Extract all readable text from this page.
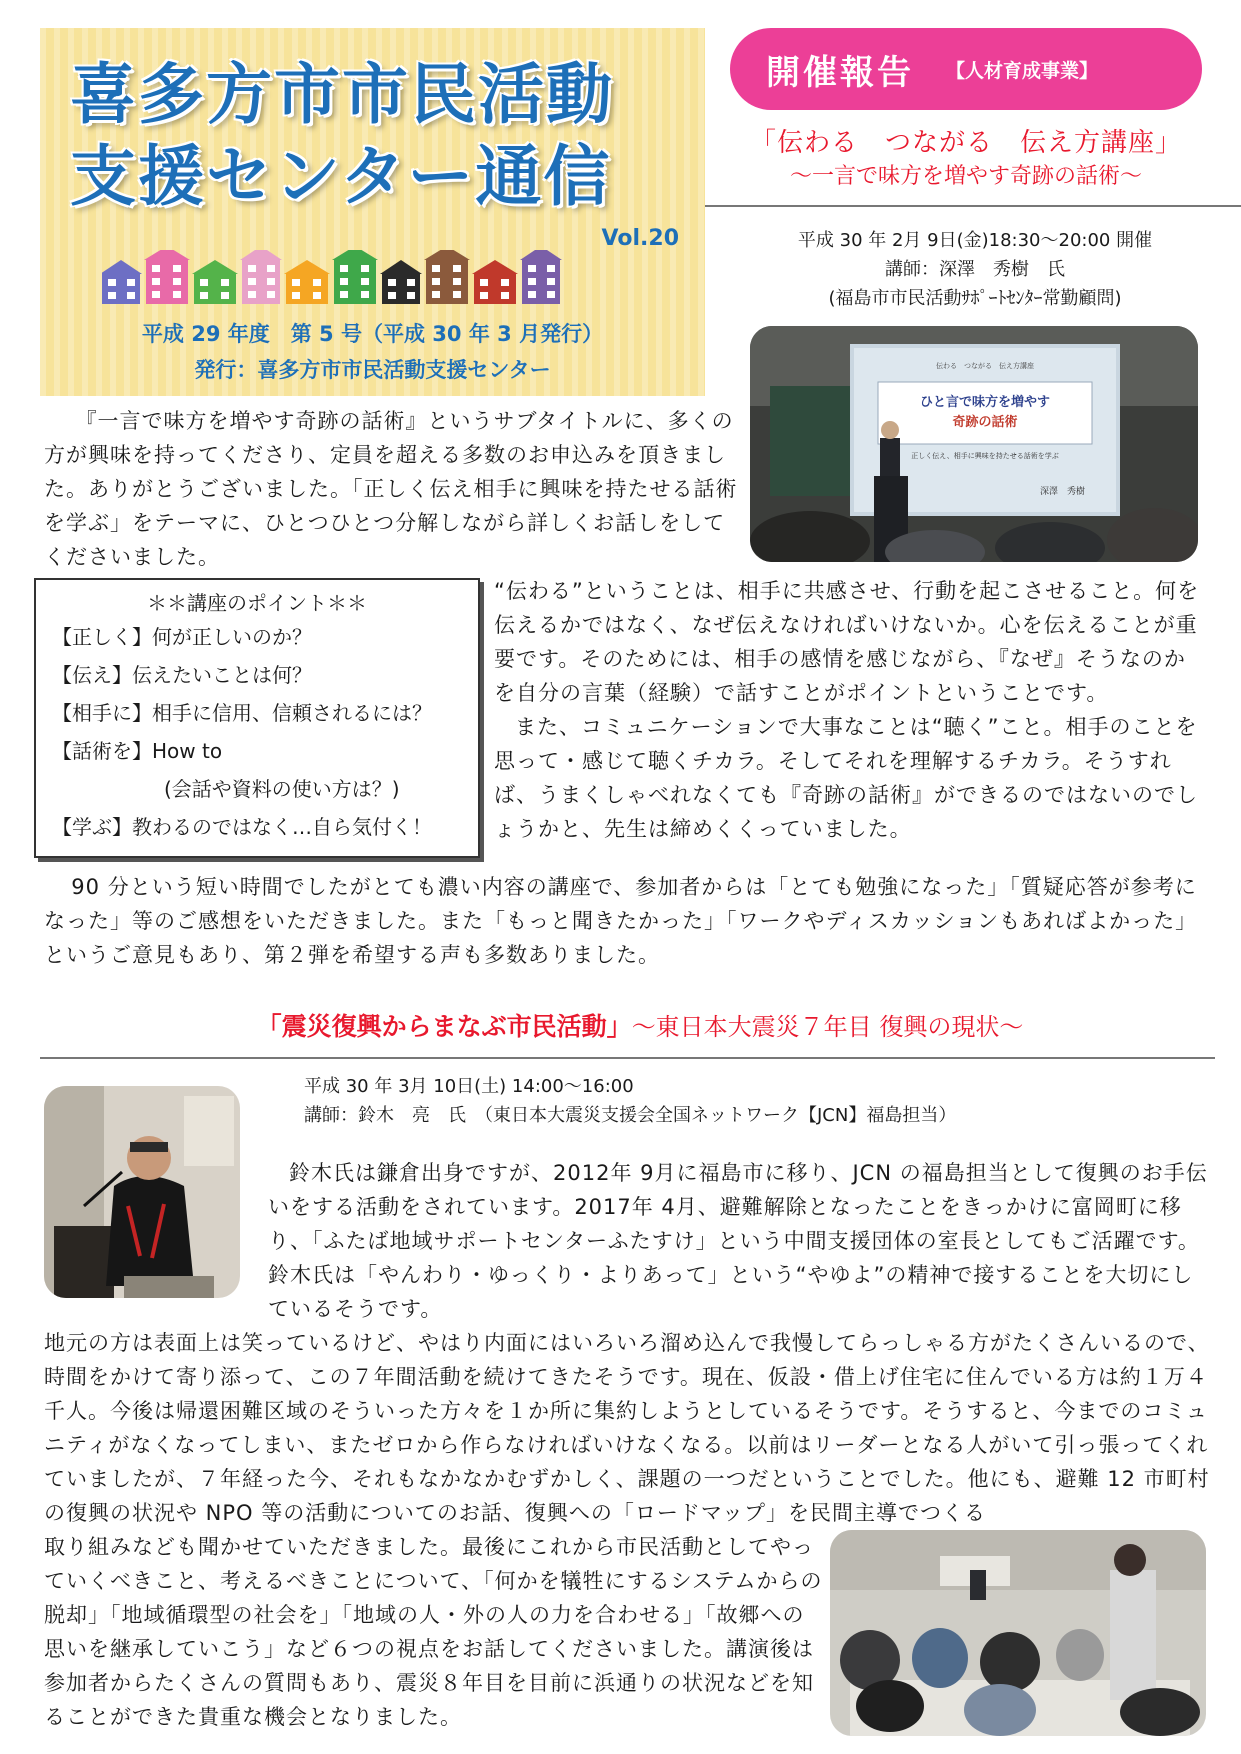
喜多方市市民活動
支援センター通信
Vol.20
平成 29 年度　第 5 号（平成 30 年 3 月発行）
発行：喜多方市市民活動支援センター
開催報告 【人材育成事業】
「伝わる　つながる　伝え方講座」
～一言で味方を増やす奇跡の話術～
平成 30 年 2月 9日(金)18:30～20:00 開催
講師：深澤　秀樹　氏
(福島市市民活動ｻﾎﾟｰﾄｾﾝﾀｰ常勤顧問)
伝わる　つながる　伝え方講座
ひと言で味方を増やす
奇跡の話術
正しく伝え、相手に興味を持たせる話術を学ぶ
深澤　秀樹
『一言で味方を増やす奇跡の話術』というサブタイトルに、多くの方が興味を持ってくださり、定員を超える多数のお申込みを頂きました。ありがとうございました。「正しく伝え相手に興味を持たせる話術を学ぶ」をテーマに、ひとつひとつ分解しながら詳しくお話しをしてくださいました。
＊＊講座のポイント＊＊
【正しく】何が正しいのか？
【伝え】伝えたいことは何？
【相手に】相手に信用、信頼されるには？
【話術を】How to
(会話や資料の使い方は？)
【学ぶ】教わるのではなく…自ら気付く！
“伝わる”ということは、相手に共感させ、行動を起こさせること。何を伝えるかではなく、なぜ伝えなければいけないか。心を伝えることが重要です。そのためには、相手の感情を感じながら、『なぜ』そうなのかを自分の言葉（経験）で話すことがポイントということです。
また、コミュニケーションで大事なことは“聴く”こと。相手のことを思って・感じて聴くチカラ。そしてそれを理解するチカラ。そうすれば、うまくしゃべれなくても『奇跡の話術』ができるのではないのでしょうかと、先生は締めくくっていました。
90 分という短い時間でしたがとても濃い内容の講座で、参加者からは「とても勉強になった」「質疑応答が参考になった」等のご感想をいただきました。また「もっと聞きたかった」「ワークやディスカッションもあればよかった」というご意見もあり、第２弾を希望する声も多数ありました。
「震災復興からまなぶ市民活動」～東日本大震災７年目 復興の現状～
平成 30 年 3月 10日(土) 14:00～16:00
講師：鈴木　亮　氏　（東日本大震災支援会全国ネットワーク【JCN】福島担当）
鈴木氏は鎌倉出身ですが、2012年 9月に福島市に移り、JCN の福島担当として復興のお手伝いをする活動をされています。2017年 4月、避難解除となったことをきっかけに富岡町に移り、「ふたば地域サポートセンターふたすけ」という中間支援団体の室長としてもご活躍です。鈴木氏は「やんわり・ゆっくり・よりあって」という“やゆよ”の精神で接することを大切にしているそうです。
地元の方は表面上は笑っているけど、やはり内面にはいろいろ溜め込んで我慢してらっしゃる方がたくさんいるので、時間をかけて寄り添って、この７年間活動を続けてきたそうです。現在、仮設・借上げ住宅に住んでいる方は約１万４千人。今後は帰還困難区域のそういった方々を１か所に集約しようとしているそうです。そうすると、今までのコミュニティがなくなってしまい、またゼロから作らなければいけなくなる。以前はリーダーとなる人がいて引っ張ってくれていましたが、７年経った今、それもなかなかむずかしく、課題の一つだということでした。他にも、避難 12 市町村の復興の状況や NPO 等の活動についてのお話、復興への「ロードマップ」を民間主導でつくる
取り組みなども聞かせていただきました。最後にこれから市民活動としてやっていくべきこと、考えるべきことについて、「何かを犠牲にするシステムからの脱却」「地域循環型の社会を」「地域の人・外の人の力を合わせる」「故郷への思いを継承していこう」など６つの視点をお話してくださいました。講演後は参加者からたくさんの質問もあり、震災８年目を目前に浜通りの状況などを知ることができた貴重な機会となりました。
